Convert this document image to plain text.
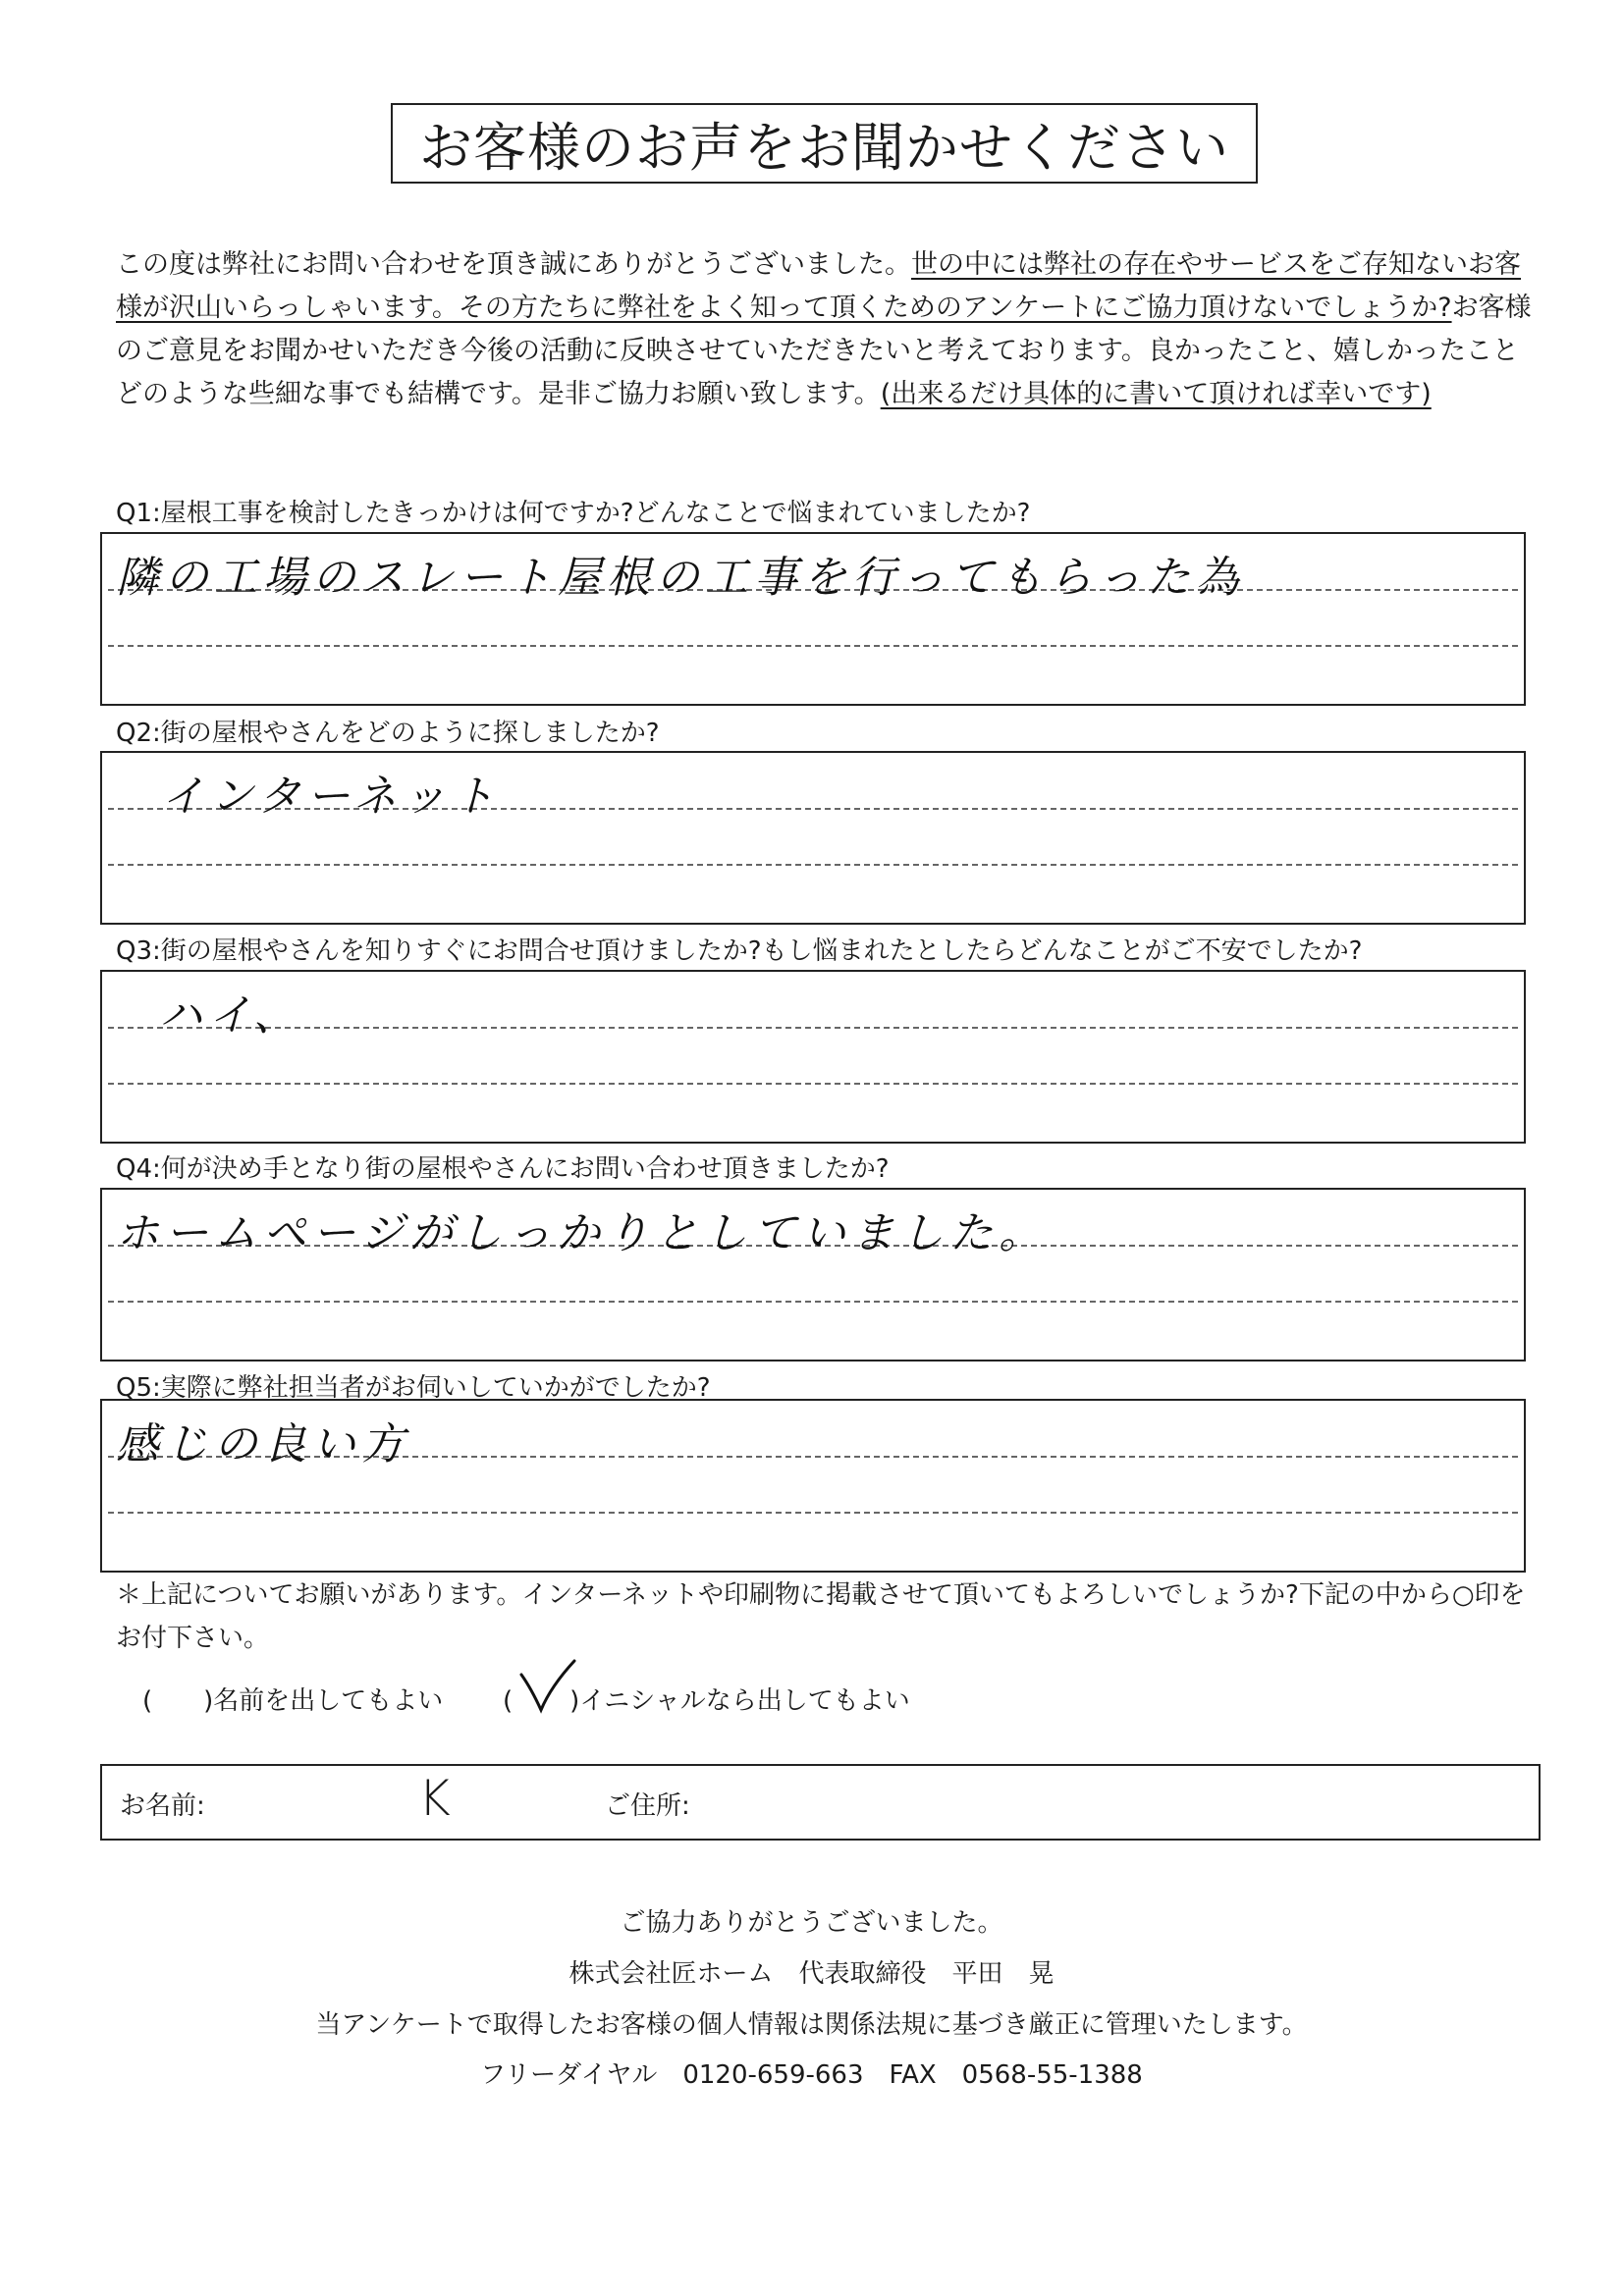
お客様のお声をお聞かせください

この度は弊社にお問い合わせを頂き誠にありがとうございました。世の中には弊社の存在やサービスをご存知ないお客様が沢山いらっしゃいます。その方たちに弊社をよく知って頂くためのアンケートにご協力頂けないでしょうか?お客様のご意見をお聞かせいただき今後の活動に反映させていただきたいと考えております。良かったこと、嬉しかったことどのような些細な事でも結構です。是非ご協力お願い致します。(出来るだけ具体的に書いて頂ければ幸いです)

Q1:屋根工事を検討したきっかけは何ですか?どんなことで悩まれていましたか?
隣の工場のスレート屋根の工事を行ってもらった為
Q2:街の屋根やさんをどのように探しましたか?
インターネット
Q3:街の屋根やさんを知りすぐにお問合せ頂けましたか?もし悩まれたとしたらどんなことがご不安でしたか?
ハイ、
Q4:何が決め手となり街の屋根やさんにお問い合わせ頂きましたか?
ホームページがしっかりとしていました。
Q5:実際に弊社担当者がお伺いしていかがでしたか?
感じの良い方
＊上記についてお願いがあります。インターネットや印刷物に掲載させて頂いてもよろしいでしょうか?下記の中から○印をお付下さい。
(　　)名前を出してもよい ( )イニシャルなら出してもよい
お名前:	K	ご住所:
ご協力ありがとうございました。
株式会社匠ホーム　代表取締役　平田　晃
当アンケートで取得したお客様の個人情報は関係法規に基づき厳正に管理いたします。
フリーダイヤル　0120-659-663　FAX　0568-55-1388
